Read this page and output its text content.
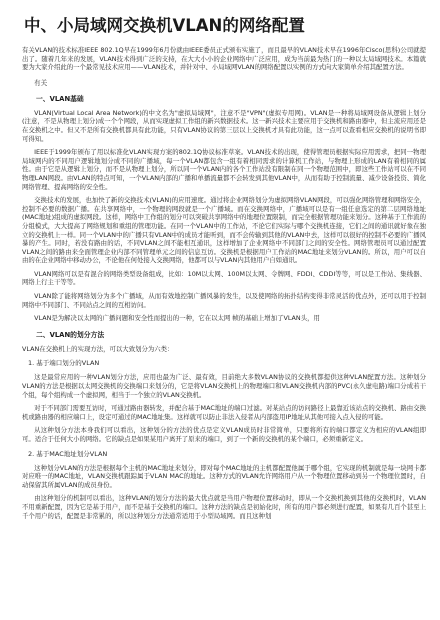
中、小局域网交换机VLAN的网络配置

有关VLAN的技术标准IEEE 802.1Q早在1999年6月份就由IEEE委员正式颁布实施了，而且最早的VLAN技术早在1996年Cisco(思科)公司就提出了。随着几年来的发展，VLAN技术得到广泛的支持，在大大小小的企业网络中广泛应用，成为当前最为热门的一种以太局域网技术。本篇就要为大家介绍此的一个最常见技术应用——VLAN技术，并针对中、小局域网VLAN的网络配置以实例的方式向大家简单介绍其配置方法。

有关
一、VLAN基础

VLAN(Virtual Local Area Network)的中文名为"虚拟局域网"，注意不是"VPN"(虚拟专用网)。VLAN是一种将局域网设备从逻辑上划分(注意，不是从物理上划分)成一个个网段，从而实现虚拟工作组的新兴数据技术。这一新兴技术主要应用于交换机和路由器中，但主流应用还是在交换机之中。但又不是所有交换机都具有此功能，只有VLAN协议的第三层以上交换机才具有此功能，这一点可以查看相应交换机的说明书即可得知。

IEEE于1999年颁布了用以标准化VLAN实现方案的802.1Q协议标准草案。VLAN技术的出现，使得管理员根据实际应用需求，把同一物理局域网内的不同用户逻辑地划分成不同的广播域，每一个VLAN都包含一组有着相同需求的计算机工作站，与物理上形成的LAN有着相同的属性。由于它是从逻辑上划分，而不是从物理上划分，所以同一个VLAN内的各个工作站没有限制在同一个物理范围中，即这些工作站可以在不同物理LAN网段。由VLAN的特点可知，一个VLAN内部的广播和单播流量都不会转发到其他VLAN中，从而有助于控制流量、减少设备投资、简化网络管理、提高网络的安全性。

交换技术的发展，也加快了新的交换技术(VLAN)的应用速度。通过将企业网络划分为虚拟网络VLAN网段，可以强化网络管理和网络安全，控制不必要的数据广播。在共享网络中，一个物理的网段就是一个广播域。而在交换网络中，广播域可以是有一组任意选定的第二层网络地址(MAC地址)组成的虚拟网段。这样，网络中工作组的划分可以突破共享网络中的地理位置限制，而完全根据管理功能来划分。这种基于工作流的分组模式，大大提高了网络规划和重组的管理功能。在同一个VLAN中的工作站，不论它们实际与哪个交换机连接，它们之间的通讯就好象在独立的交换机上一样。同一个VLAN中的广播只有VLAN中的成员才能听到，而不会传输到其他的VLAN中去，这样可以很好的控制不必要的广播风暴的产生。同时，若没有路由的话，不同VLAN之间不能相互通讯，这样增加了企业网络中不同部门之间的安全性。网络管理员可以通过配置VLAN之间的路由来全面管理企业内部不同管理单元之间的信息互访。交换机是根据用户工作站的MAC地址来划分VLAN的。所以，用户可以自由的在企业网络中移动办公，不论他在何处接入交换网络，他都可以与VLAN内其他用户自如通讯。

VLAN网络可以是有混合的网络类型设备组成，比如：10M以太网、100M以太网、令牌网、FDDI、CDDI等等，可以是工作站、集线器、网络上行主干等等。

VLAN除了能将网络划分为多个广播域，从而有效地控制广播风暴的发生，以及使网络的拓扑结构变得非常灵活的优点外，还可以用于控制网络中不同部门、不同站点之间的互相访问。

VLAN是为解决以太网的广播问题和安全性而提出的一种，它在以太网 帧的基础上增加了VLAN头，用

二、VLAN的划分方法

VLAN在交换机上的实现方法，可以大致划分为六类：

1. 基于端口划分的VLAN

这是最常应用的一种VLAN划分方法，应用也最为广泛、最有效，目前绝大多数VLAN协议的交换机都提供这种VLAN配置方法。这种划分VLAN的方法是根据以太网交换机的交换端口来划分的，它是将VLAN交换机上的物理端口和VLAN交换机内部的PVC(永久虚电路)端口分成若干个组，每个组构成一个虚拟网，相当于一个独立的VLAN交换机。

对于不同部门需要互访时，可通过路由器转发，并配合基于MAC地址的端口过滤。对某站点的访问路径上最靠近该站点的交换机、路由交换机或路由器的相应端口上，设定可通过的MAC地址集。这样就可以防止非法入侵者从内部盗用IP地址从其他可接入点入侵的可能。

从这种划分方法本身我们可以看出，这种划分的方法的优点是定义VLAN成员时非常简单，只要将所有的端口都定义为相应的VLAN组即可。适合于任何大小的网络。它的缺点是如果某用户离开了原来的端口，到了一个新的交换机的某个端口，必须重新定义。

2. 基于MAC地址划分VLAN

这种划分VLAN的方法是根据每个主机的MAC地址来划分，即对每个MAC地址的主机都配置他属于哪个组，它实现的机制就是每一块网卡都对应唯一的MAC地址，VLAN交换机跟踪属于VLAN MAC的地址。这种方式的VLAN允许网络用户从一个物理位置移动到另一个物理位置时，自动保留其所属VLAN的成员身份。

由这种划分的机制可以看出，这种VLAN的划分方法的最大优点就是当用户物理位置移动时，即从一个交换机换到其他的交换机时，VLAN不用重新配置，因为它是基于用户，而不是基于交换机的端口。这种方法的缺点是初始化时，所有的用户都必须进行配置，如果有几百个甚至上千个用户的话，配置是非常累的，所以这种划分方法通常适用于小型局域网。而且这种划
